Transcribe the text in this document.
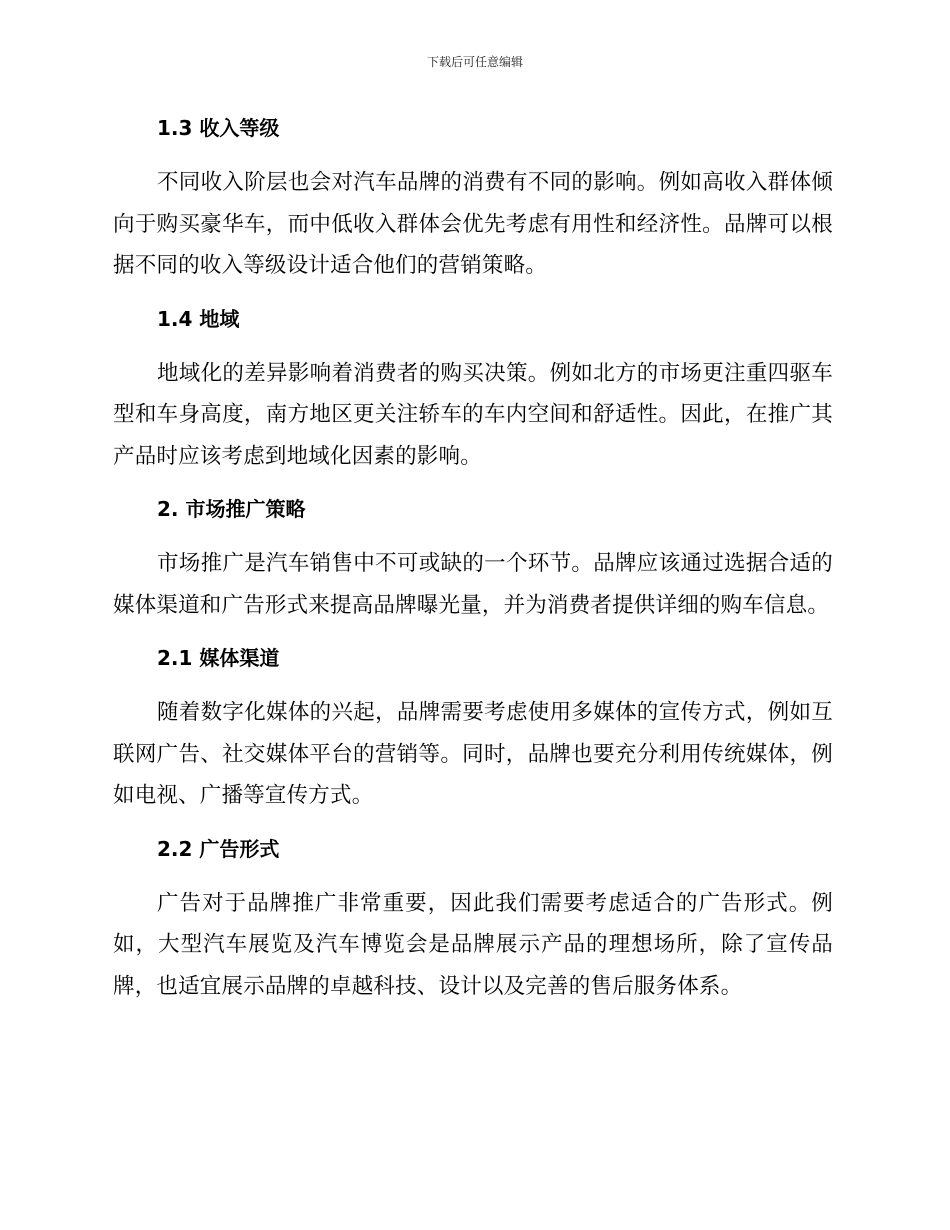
下载后可任意编辑
1.3 收入等级

不同收入阶层也会对汽车品牌的消费有不同的影响。例如高收入群体倾向于购买豪华车，而中低收入群体会优先考虑有用性和经济性。品牌可以根据不同的收入等级设计适合他们的营销策略。

1.4 地域

地域化的差异影响着消费者的购买决策。例如北方的市场更注重四驱车型和车身高度，南方地区更关注轿车的车内空间和舒适性。因此，在推广其产品时应该考虑到地域化因素的影响。

2. 市场推广策略

市场推广是汽车销售中不可或缺的一个环节。品牌应该通过选据合适的媒体渠道和广告形式来提高品牌曝光量，并为消费者提供详细的购车信息。

2.1 媒体渠道

随着数字化媒体的兴起，品牌需要考虑使用多媒体的宣传方式，例如互联网广告、社交媒体平台的营销等。同时，品牌也要充分利用传统媒体，例如电视、广播等宣传方式。

2.2 广告形式

广告对于品牌推广非常重要，因此我们需要考虑适合的广告形式。例如，大型汽车展览及汽车博览会是品牌展示产品的理想场所，除了宣传品牌，也适宜展示品牌的卓越科技、设计以及完善的售后服务体系。
